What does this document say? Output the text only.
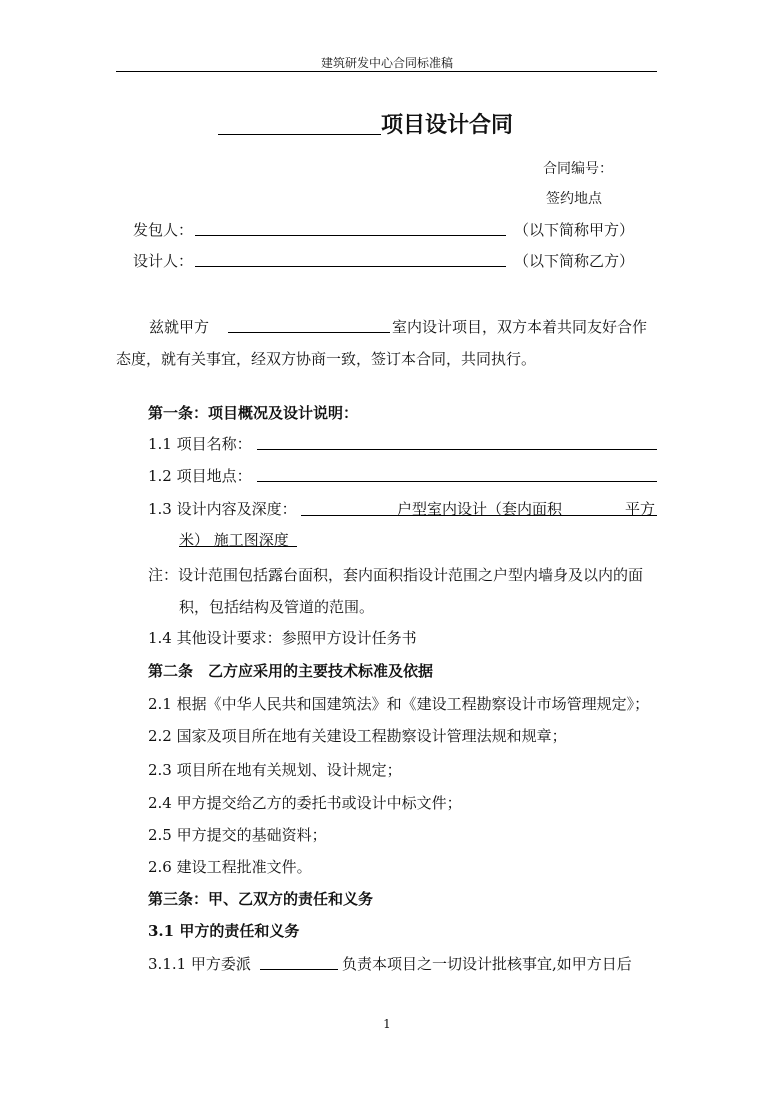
建筑研发中心合同标准稿
项目设计合同
合同编号：
签约地点
发包人：	（以下简称甲方）
设计人：	（以下简称乙方）
兹就甲方	室内设计项目，双方本着共同友好合作
态度，就有关事宜，经双方协商一致，签订本合同，共同执行。
第一条：项目概况及设计说明：
1.1 项目名称：
1.2 项目地点：
1.3 设计内容及深度：	户型室内设计（套内面积	平方
米） 施工图深度
注：设计范围包括露台面积，套内面积指设计范围之户型内墙身及以内的面
积，包括结构及管道的范围。
1.4 其他设计要求：参照甲方设计任务书
第二条　乙方应采用的主要技术标准及依据
2.1 根据《中华人民共和国建筑法》和《建设工程勘察设计市场管理规定》；
2.2 国家及项目所在地有关建设工程勘察设计管理法规和规章；
2.3 项目所在地有关规划、设计规定；
2.4 甲方提交给乙方的委托书或设计中标文件；
2.5 甲方提交的基础资料；
2.6 建设工程批准文件。
第三条：甲、乙双方的责任和义务
3.1 甲方的责任和义务
3.1.1 甲方委派	负责本项目之一切设计批核事宜,如甲方日后
1
